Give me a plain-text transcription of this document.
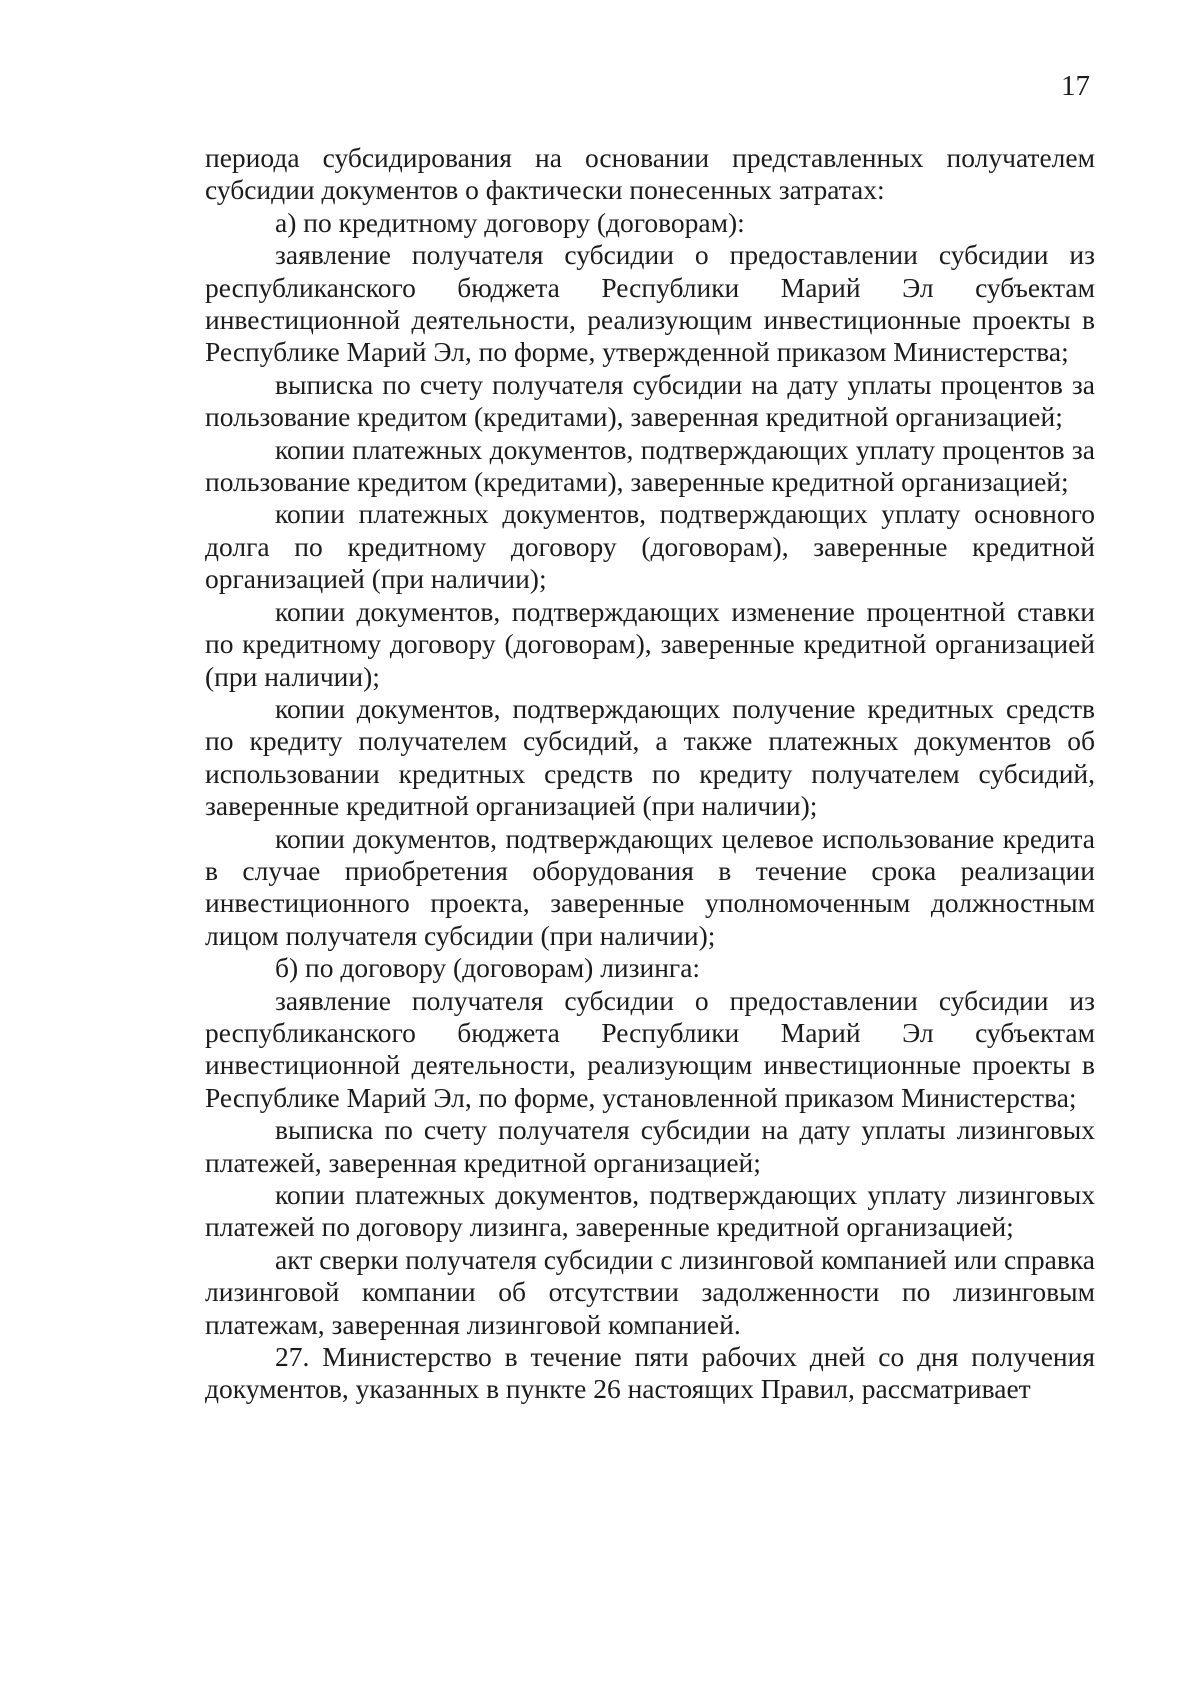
17

периода субсидирования на основании представленных получателем субсидии документов о фактически понесенных затратах:

а) по кредитному договору (договорам):

заявление получателя субсидии о предоставлении субсидии из республиканского бюджета Республики Марий Эл субъектам инвестиционной деятельности, реализующим инвестиционные проекты в Республике Марий Эл, по форме, утвержденной приказом Министерства;

выписка по счету получателя субсидии на дату уплаты процентов за пользование кредитом (кредитами), заверенная кредитной организацией;

копии платежных документов, подтверждающих уплату процентов за пользование кредитом (кредитами), заверенные кредитной организацией;

копии платежных документов, подтверждающих уплату основного долга по кредитному договору (договорам), заверенные кредитной организацией (при наличии);

копии документов, подтверждающих изменение процентной ставки по кредитному договору (договорам), заверенные кредитной организацией (при наличии);

копии документов, подтверждающих получение кредитных средств по кредиту получателем субсидий, а также платежных документов об использовании кредитных средств по кредиту получателем субсидий, заверенные кредитной организацией (при наличии);

копии документов, подтверждающих целевое использование кредита в случае приобретения оборудования в течение срока реализации инвестиционного проекта, заверенные уполномоченным должностным лицом получателя субсидии (при наличии);

б) по договору (договорам) лизинга:

заявление получателя субсидии о предоставлении субсидии из республиканского бюджета Республики Марий Эл субъектам инвестиционной деятельности, реализующим инвестиционные проекты в Республике Марий Эл, по форме, установленной приказом Министерства;

выписка по счету получателя субсидии на дату уплаты лизинговых платежей, заверенная кредитной организацией;

копии платежных документов, подтверждающих уплату лизинговых платежей по договору лизинга, заверенные кредитной организацией;

акт сверки получателя субсидии с лизинговой компанией или справка лизинговой компании об отсутствии задолженности по лизинговым платежам, заверенная лизинговой компанией.

27. Министерство в течение пяти рабочих дней со дня получения документов, указанных в пункте 26 настоящих Правил, рассматривает
